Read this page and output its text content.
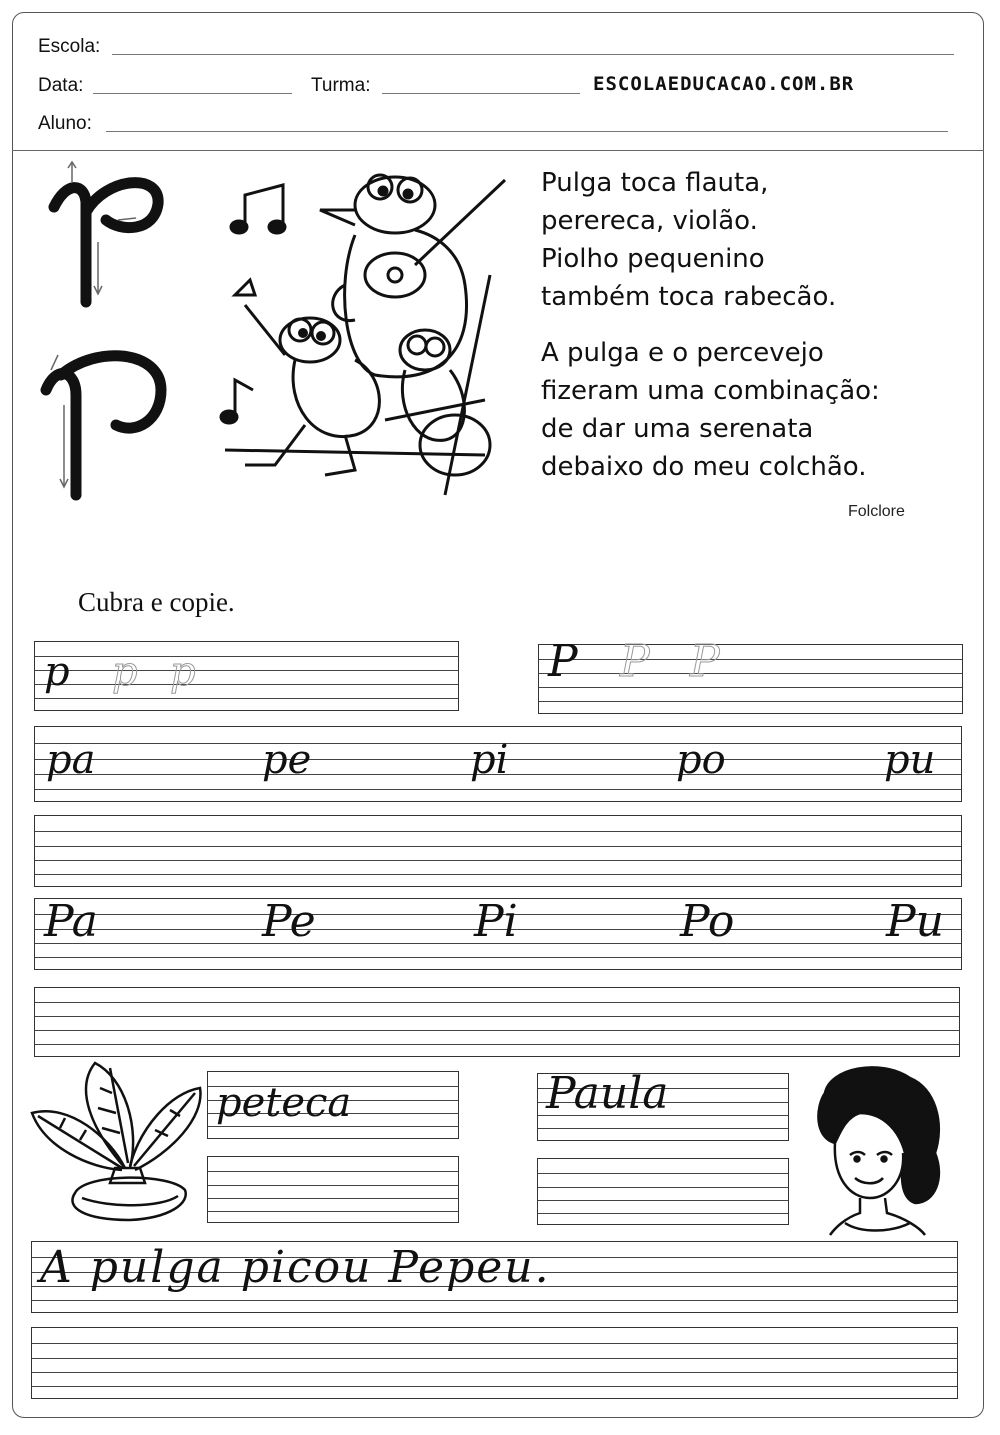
Escola:
Data:	Turma:	ESCOLAEDUCACAO.COM.BR
Aluno:
Pulga toca flauta,
perereca, violão.
Piolho pequenino
também toca rabecão.
A pulga e o percevejo
fizeram uma combinação:
de dar uma serenata
debaixo do meu colchão.
Folclore
Cubra e copie.
p p p	P P P
pa	pe	pi	po	pu
Pa	Pe	Pi	Po	Pu
peteca	Paula
A pulga picou Pepeu.
